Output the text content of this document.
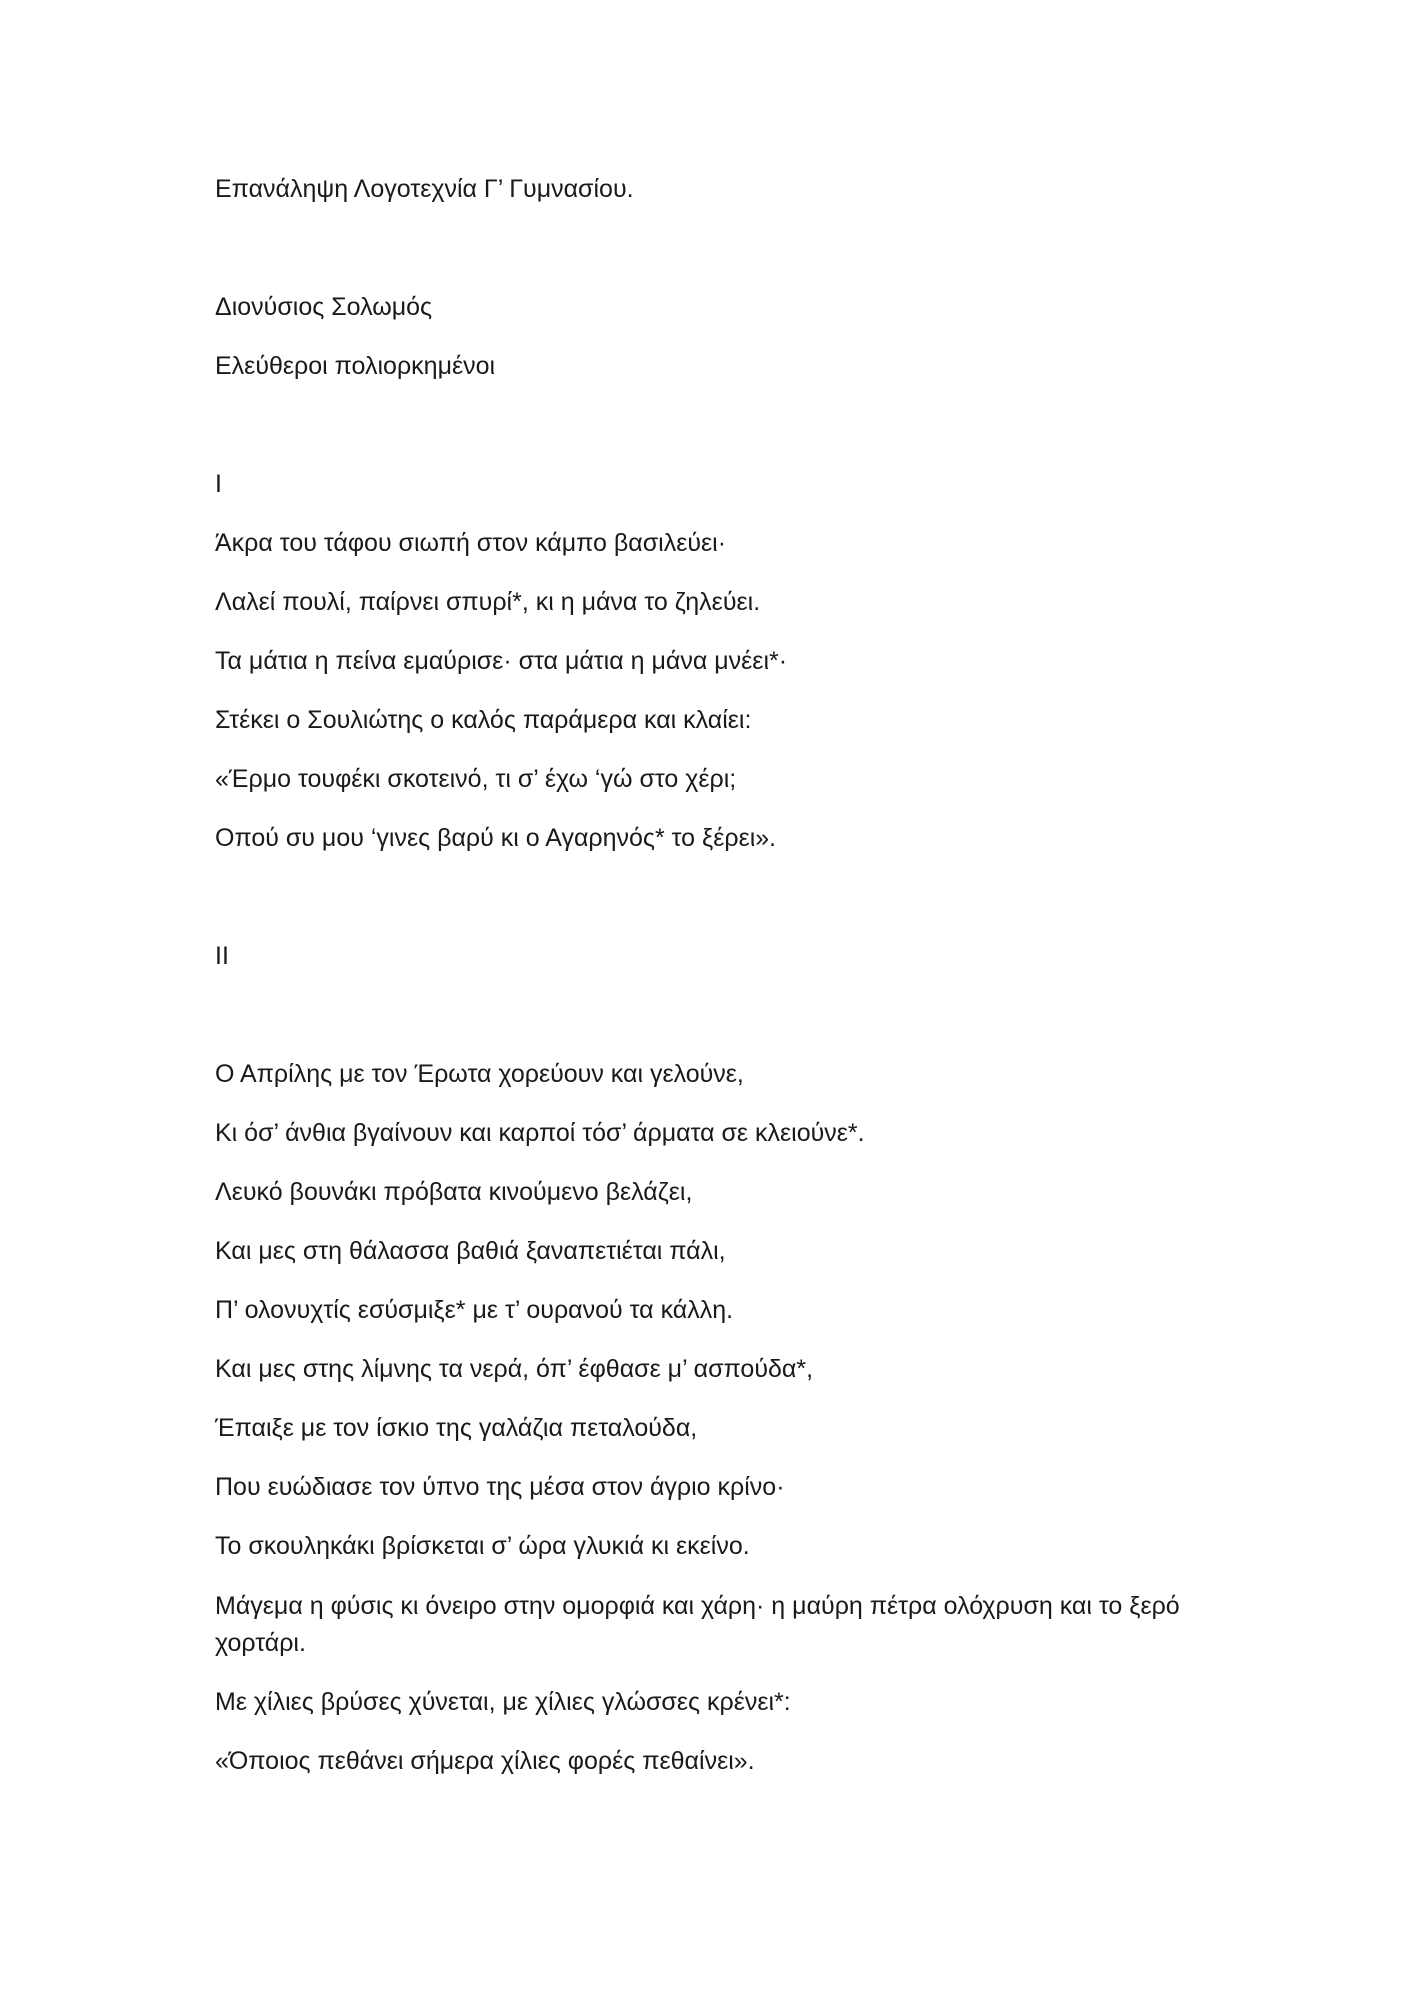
Επανάληψη Λογοτεχνία Γ’ Γυμνασίου.

Διονύσιος Σολωμός

Ελεύθεροι πολιορκημένοι

Ι

Άκρα του τάφου σιωπή στον κάμπο βασιλεύει·

Λαλεί πουλί, παίρνει σπυρί*, κι η μάνα το ζηλεύει.

Τα μάτια η πείνα εμαύρισε· στα μάτια η μάνα μνέει*·

Στέκει ο Σουλιώτης ο καλός παράμερα και κλαίει:

«Έρμο τουφέκι σκοτεινό, τι σ’ έχω ‘γώ στο χέρι;

Οπού συ μου ‘γινες βαρύ κι ο Αγαρηνός* το ξέρει».

ΙΙ

Ο Απρίλης με τον Έρωτα χορεύουν και γελούνε,

Κι όσ’ άνθια βγαίνουν και καρποί τόσ’ άρματα σε κλειούνε*.

Λευκό βουνάκι πρόβατα κινούμενο βελάζει,

Και μες στη θάλασσα βαθιά ξαναπετιέται πάλι,

Π’ ολονυχτίς εσύσμιξε* με τ’ ουρανού τα κάλλη.

Και μες στης λίμνης τα νερά, όπ’ έφθασε μ’ ασπούδα*,

Έπαιξε με τον ίσκιο της γαλάζια πεταλούδα,

Που ευώδιασε τον ύπνο της μέσα στον άγριο κρίνο·

Το σκουληκάκι βρίσκεται σ’ ώρα γλυκιά κι εκείνο.

Μάγεμα η φύσις κι όνειρο στην ομορφιά και χάρη· η μαύρη πέτρα ολόχρυση και το ξερό χορτάρι.

Με χίλιες βρύσες χύνεται, με χίλιες γλώσσες κρένει*:

«Όποιος πεθάνει σήμερα χίλιες φορές πεθαίνει».
